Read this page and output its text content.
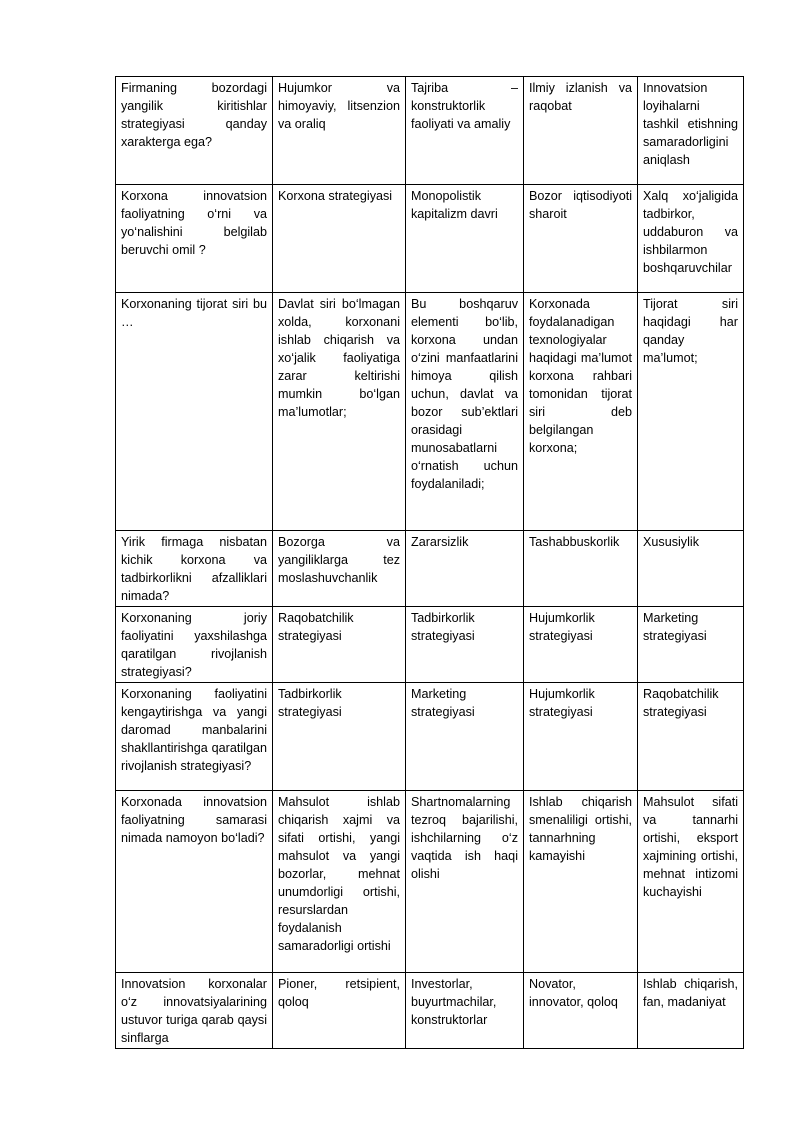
Firmaning bozordagi yangilik kiritishlar strategiyasi qanday xarakterga ega?	Hujumkor va himoyaviy, litsenzion va oraliq	Tajriba – konstruktorlik faoliyati va amaliy	Ilmiy izlanish va raqobat	Innovatsion loyihalarni tashkil etishning samaradorligini aniqlash
Korxona innovatsion faoliyatning o‘rni va yo‘nalishini belgilab beruvchi omil ?	Korxona strategiyasi	Monopolistik kapitalizm davri	Bozor iqtisodiyoti sharoit	Xalq xo‘jaligida tadbirkor, uddaburon va ishbilarmon boshqaruvchilar
Korxonaning tijorat siri bu …	Davlat siri bo‘lmagan xolda, korxonani ishlab chiqarish va xo‘jalik faoliyatiga zarar keltirishi mumkin bo‘lgan ma’lumotlar;	Bu boshqaruv elementi bo‘lib, korxona undan o‘zini manfaatlarini himoya qilish uchun, davlat va bozor sub’ektlari orasidagi munosabatlarni o‘rnatish uchun foydalaniladi;	Korxonada foydalanadigan texnologiyalar haqidagi ma’lumot korxona rahbari tomonidan tijorat siri deb belgilangan korxona;	Tijorat siri haqidagi har qanday ma’lumot;
Yirik firmaga nisbatan kichik korxona va tadbirkorlikni afzalliklari nimada?	Bozorga va yangiliklarga tez moslashuvchanlik	Zararsizlik	Tashabbuskorlik	Xususiylik
Korxonaning joriy faoliyatini yaxshilashga qaratilgan rivojlanish strategiyasi?	Raqobatchilik strategiyasi	Tadbirkorlik strategiyasi	Hujumkorlik strategiyasi	Marketing strategiyasi
Korxonaning faoliyatini kengaytirishga va yangi daromad manbalarini shakllantirishga qaratilgan rivojlanish strategiyasi?	Tadbirkorlik strategiyasi	Marketing strategiyasi	Hujumkorlik strategiyasi	Raqobatchilik strategiyasi
Korxonada innovatsion faoliyatning samarasi nimada namoyon bo‘ladi?	Mahsulot ishlab chiqarish xajmi va sifati ortishi, yangi mahsulot va yangi bozorlar, mehnat unumdorligi ortishi, resurslardan foydalanish samaradorligi ortishi	Shartnomalarning tezroq bajarilishi, ishchilarning o‘z vaqtida ish haqi olishi	Ishlab chiqarish smenaliligi ortishi, tannarhning kamayishi	Mahsulot sifati va tannarhi ortishi, eksport xajmining ortishi, mehnat intizomi kuchayishi
Innovatsion korxonalar o‘z innovatsiyalarining ustuvor turiga qarab qaysi sinflarga	Pioner, retsipient, qoloq	Investorlar, buyurtmachilar, konstruktorlar	Novator, innovator, qoloq	Ishlab chiqarish, fan, madaniyat
